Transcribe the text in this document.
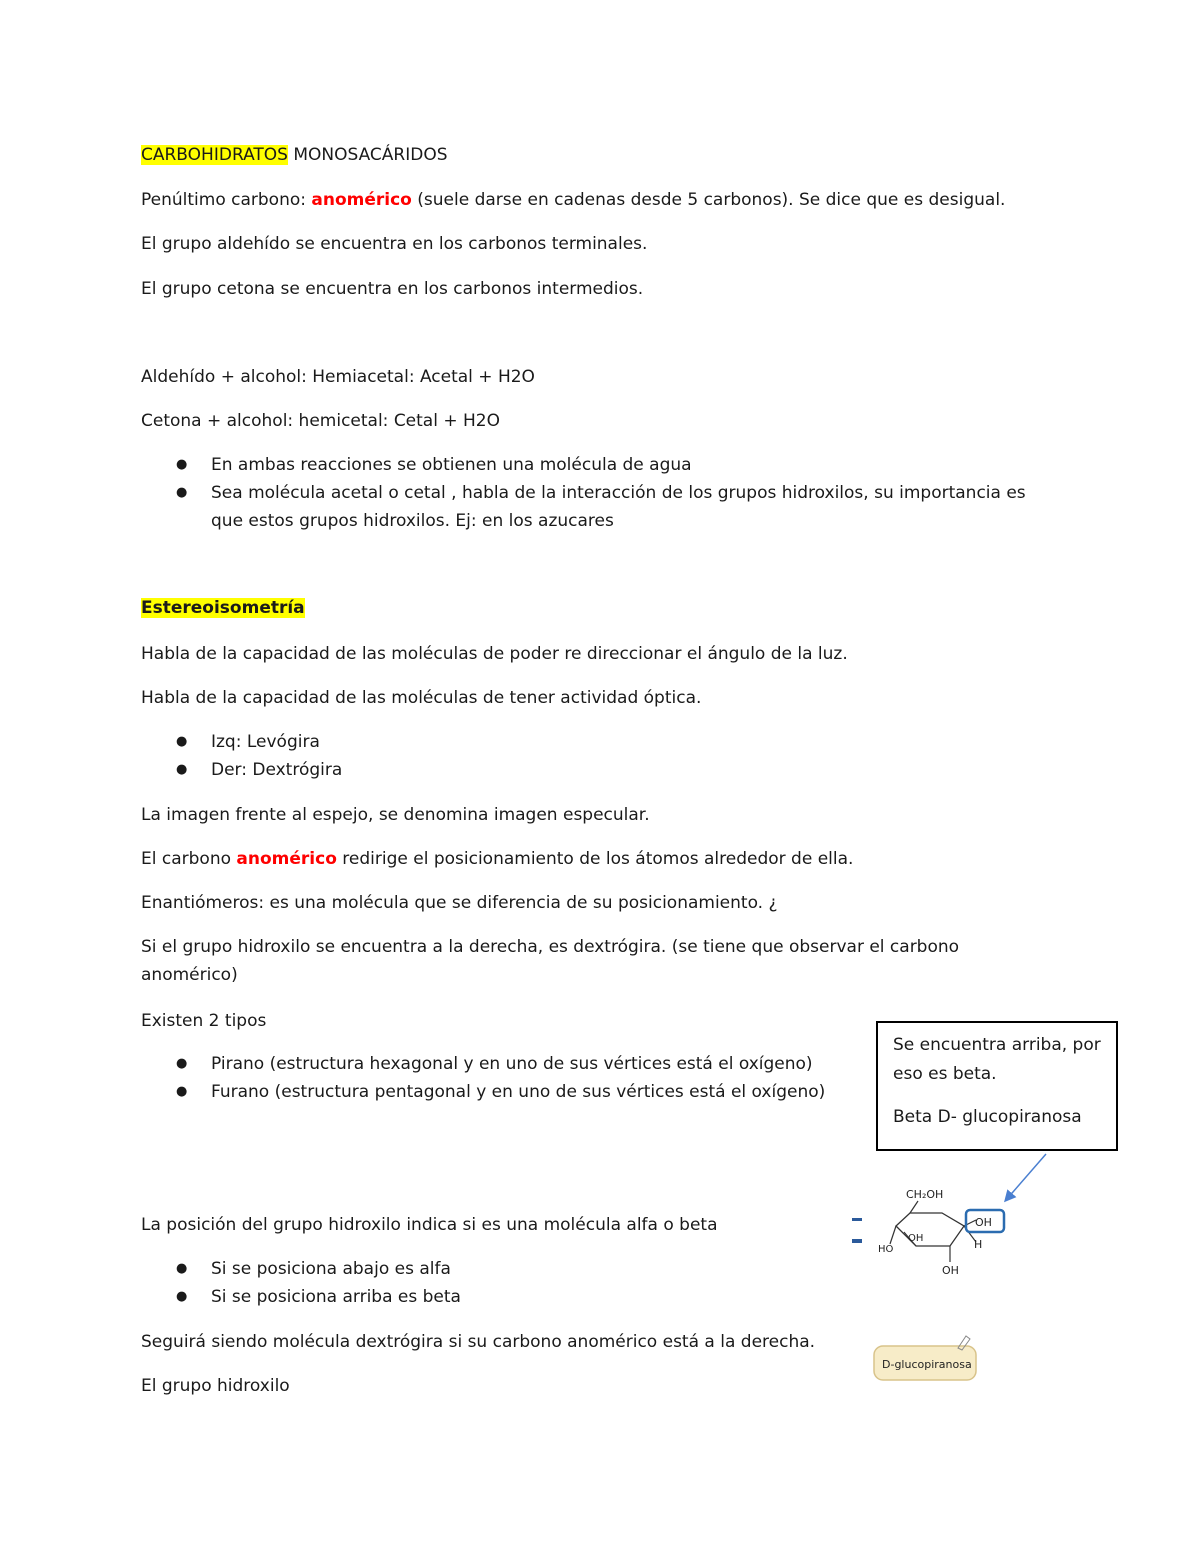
CARBOHIDRATOS MONOSACÁRIDOS
Penúltimo carbono: anomérico (suele darse en cadenas desde 5 carbonos). Se dice que es desigual.
El grupo aldehído se encuentra en los carbonos terminales.
El grupo cetona se encuentra en los carbonos intermedios.
Aldehído + alcohol: Hemiacetal: Acetal + H2O
Cetona + alcohol: hemicetal: Cetal + H2O
● En ambas reacciones se obtienen una molécula de agua
● Sea molécula acetal o cetal , habla de la interacción de los grupos hidroxilos, su importancia es
que estos grupos hidroxilos. Ej: en los azucares
Estereoisometría
Habla de la capacidad de las moléculas de poder re direccionar el ángulo de la luz.
Habla de la capacidad de las moléculas de tener actividad óptica.
● Izq: Levógira
● Der: Dextrógira
La imagen frente al espejo, se denomina imagen especular.
El carbono anomérico redirige el posicionamiento de los átomos alrededor de ella.
Enantiómeros: es una molécula que se diferencia de su posicionamiento. ¿
Si el grupo hidroxilo se encuentra a la derecha, es dextrógira. (se tiene que observar el carbono
anomérico)
Existen 2 tipos
● Pirano (estructura hexagonal y en uno de sus vértices está el oxígeno)
● Furano (estructura pentagonal y en uno de sus vértices está el oxígeno)
La posición del grupo hidroxilo indica si es una molécula alfa o beta
● Si se posiciona abajo es alfa
● Si se posiciona arriba es beta
Seguirá siendo molécula dextrógira si su carbono anomérico está a la derecha.
El grupo hidroxilo
Se encuentra arriba, por
eso es beta.
Beta D- glucopiranosa
CH₂OH
OH
H
HO
OH
OH
D-glucopiranosa
